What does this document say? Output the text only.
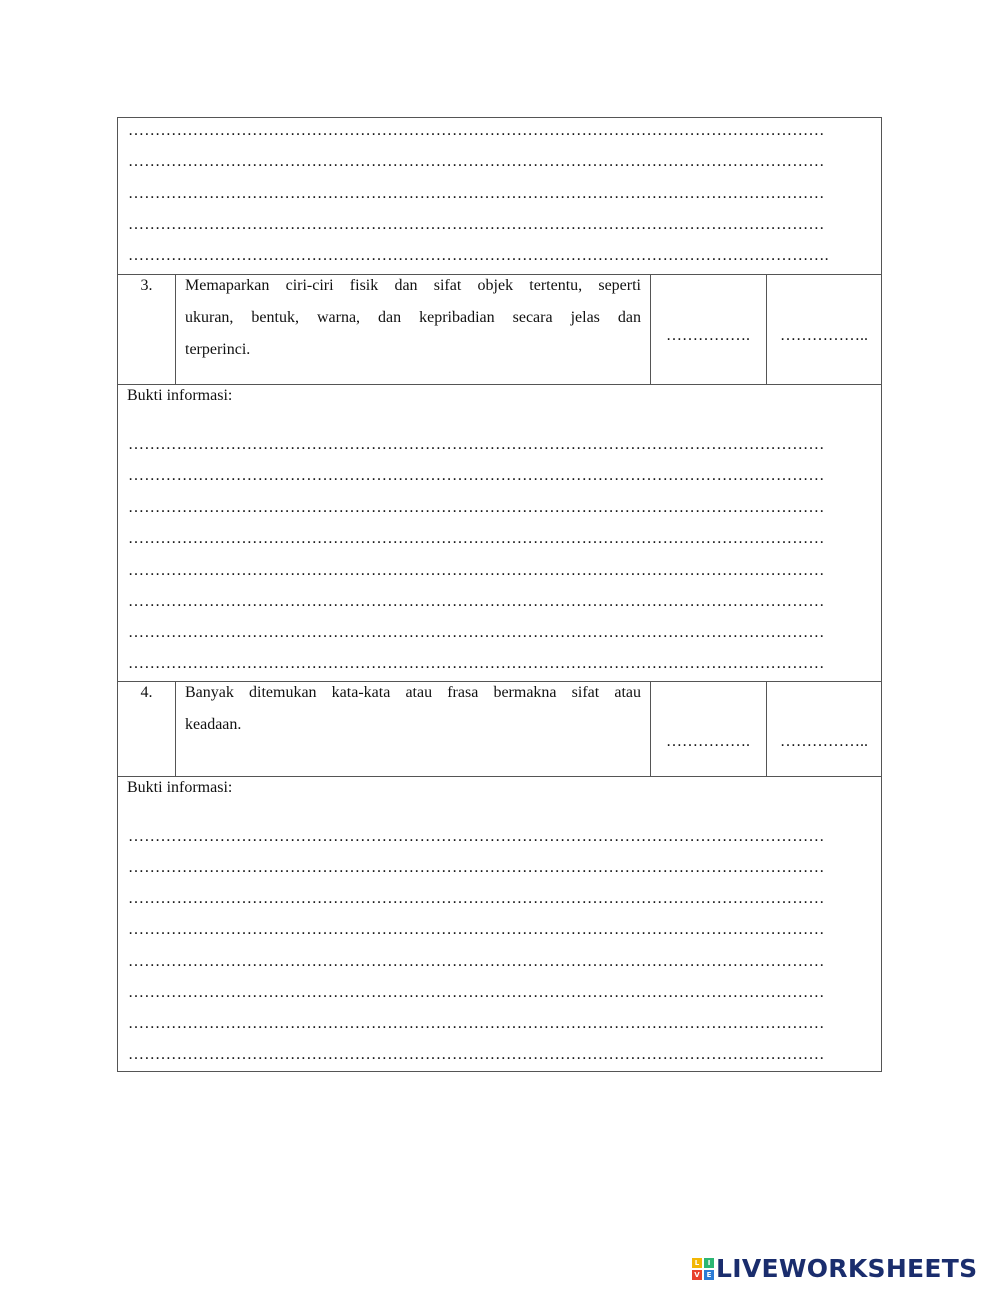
…………………………………………………………………………………………………………………
…………………………………………………………………………………………………………………
…………………………………………………………………………………………………………………
…………………………………………………………………………………………………………………
………………………………………………………………………………………………………………….
3.	Memaparkan ciri-ciri fisik dan sifat objek tertentu, seperti
ukuran, bentuk, warna, dan kepribadian secara jelas dan
terperinci.
…………….	……………..
Bukti informasi:
…………………………………………………………………………………………………………………
…………………………………………………………………………………………………………………
…………………………………………………………………………………………………………………
…………………………………………………………………………………………………………………
…………………………………………………………………………………………………………………
…………………………………………………………………………………………………………………
…………………………………………………………………………………………………………………
…………………………………………………………………………………………………………………
4.	Banyak ditemukan kata-kata atau frasa bermakna sifat atau
keadaan.
…………….	……………..
Bukti informasi:
…………………………………………………………………………………………………………………
…………………………………………………………………………………………………………………
…………………………………………………………………………………………………………………
…………………………………………………………………………………………………………………
…………………………………………………………………………………………………………………
…………………………………………………………………………………………………………………
…………………………………………………………………………………………………………………
…………………………………………………………………………………………………………………
L	I
V E LIVEWORKSHEETS
